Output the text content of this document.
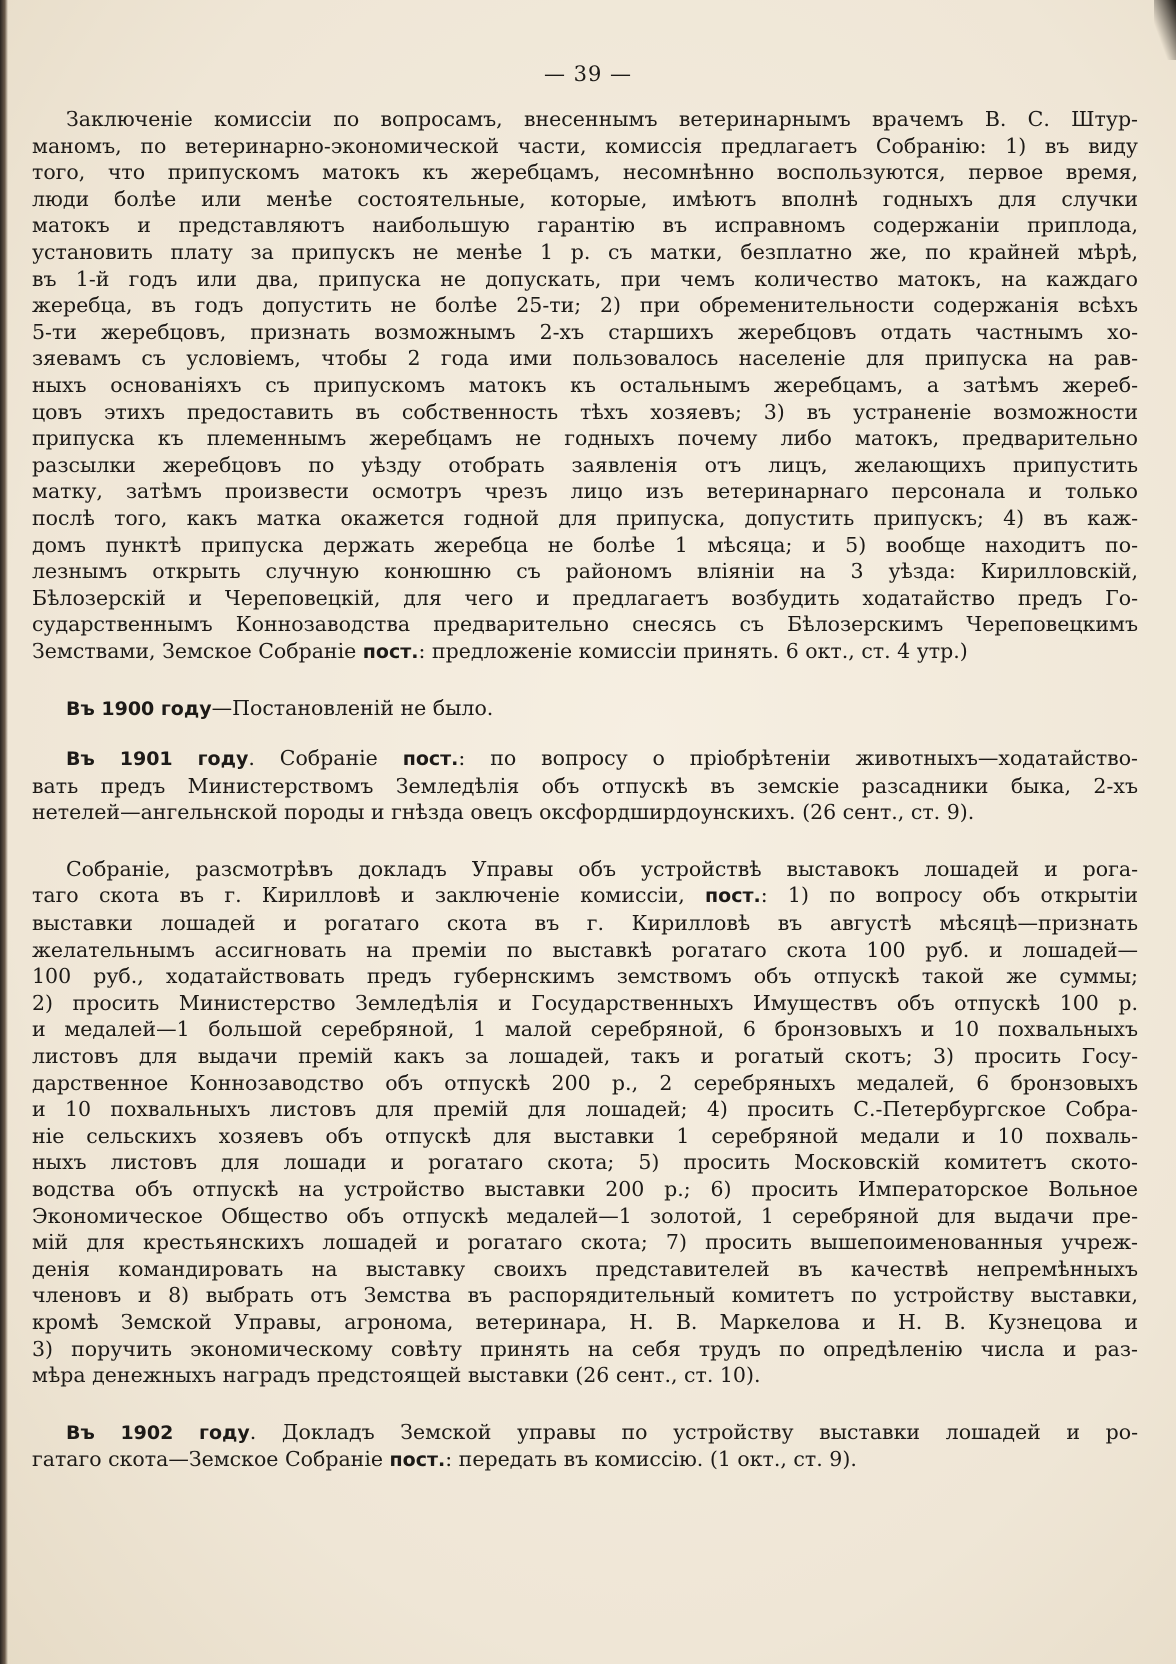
— 39 —
Заключеніе комиссіи по вопросамъ, внесеннымъ ветеринарнымъ врачемъ В. С. Штур-
маномъ, по ветеринарно-экономической части, комиссія предлагаетъ Собранію: 1) въ виду
того, что припускомъ матокъ къ жеребцамъ, несомнѣнно воспользуются, первое время,
люди болѣе или менѣе состоятельные, которые, имѣютъ вполнѣ годныхъ для случки
матокъ и представляютъ наибольшую гарантію въ исправномъ содержаніи приплода,
установить плату за припускъ не менѣе 1 р. съ матки, безплатно же, по крайней мѣрѣ,
въ 1-й годъ или два, припуска не допускать, при чемъ количество матокъ, на каждаго
жеребца, въ годъ допустить не болѣе 25-ти; 2) при обременительности содержанія всѣхъ
5-ти жеребцовъ, признать возможнымъ 2-хъ старшихъ жеребцовъ отдать частнымъ хо-
зяевамъ съ условіемъ, чтобы 2 года ими пользовалось населеніе для припуска на рав-
ныхъ основаніяхъ съ припускомъ матокъ къ остальнымъ жеребцамъ, а затѣмъ жереб-
цовъ этихъ предоставить въ собственность тѣхъ хозяевъ; 3) въ устраненіе возможности
припуска къ племеннымъ жеребцамъ не годныхъ почему либо матокъ, предварительно
разсылки жеребцовъ по уѣзду отобрать заявленія отъ лицъ, желающихъ припустить
матку, затѣмъ произвести осмотръ чрезъ лицо изъ ветеринарнаго персонала и только
послѣ того, какъ матка окажется годной для припуска, допустить припускъ; 4) въ каж-
домъ пунктѣ припуска держать жеребца не болѣе 1 мѣсяца; и 5) вообще находитъ по-
лезнымъ открыть случную конюшню съ райономъ вліяніи на 3 уѣзда: Кирилловскій,
Бѣлозерскій и Череповецкій, для чего и предлагаетъ возбудить ходатайство предъ Го-
сударственнымъ Коннозаводства предварительно снесясь съ Бѣлозерскимъ Череповецкимъ
Земствами, Земское Собраніе пост.: предложеніе комиссіи принять. 6 окт., ст. 4 утр.)
Въ 1900 году—Постановленій не было.
Въ 1901 году. Собраніе пост.: по вопросу о пріобрѣтеніи животныхъ—ходатайство-
вать предъ Министерствомъ Земледѣлія объ отпускѣ въ земскіе разсадники быка, 2-хъ
нетелей—ангельнской породы и гнѣзда овецъ оксфордширдоунскихъ. (26 сент., ст. 9).
Собраніе, разсмотрѣвъ докладъ Управы объ устройствѣ выставокъ лошадей и рога-
таго скота въ г. Кирилловѣ и заключеніе комиссіи, пост.: 1) по вопросу объ открытіи
выставки лошадей и рогатаго скота въ г. Кирилловѣ въ августѣ мѣсяцѣ—признать
желательнымъ ассигновать на преміи по выставкѣ рогатаго скота 100 руб. и лошадей—
100 руб., ходатайствовать предъ губернскимъ земствомъ объ отпускѣ такой же суммы;
2) просить Министерство Земледѣлія и Государственныхъ Имуществъ объ отпускѣ 100 р.
и медалей—1 большой серебряной, 1 малой серебряной, 6 бронзовыхъ и 10 похвальныхъ
листовъ для выдачи премій какъ за лошадей, такъ и рогатый скотъ; 3) просить Госу-
дарственное Коннозаводство объ отпускѣ 200 р., 2 серебряныхъ медалей, 6 бронзовыхъ
и 10 похвальныхъ листовъ для премій для лошадей; 4) просить С.-Петербургское Собра-
ніе сельскихъ хозяевъ объ отпускѣ для выставки 1 серебряной медали и 10 похваль-
ныхъ листовъ для лошади и рогатаго скота; 5) просить Московскій комитетъ ското-
водства объ отпускѣ на устройство выставки 200 р.; 6) просить Императорское Вольное
Экономическое Общество объ отпускѣ медалей—1 золотой, 1 серебряной для выдачи пре-
мій для крестьянскихъ лошадей и рогатаго скота; 7) просить вышепоименованныя учреж-
денія командировать на выставку своихъ представителей въ качествѣ непремѣнныхъ
членовъ и 8) выбрать отъ Земства въ распорядительный комитетъ по устройству выставки,
кромѣ Земской Управы, агронома, ветеринара, Н. В. Маркелова и Н. В. Кузнецова и
3) поручить экономическому совѣту принять на себя трудъ по опредѣленію числа и раз-
мѣра денежныхъ наградъ предстоящей выставки (26 сент., ст. 10).
Въ 1902 году. Докладъ Земской управы по устройству выставки лошадей и ро-
гатаго скота—Земское Собраніе пост.: передать въ комиссію. (1 окт., ст. 9).
